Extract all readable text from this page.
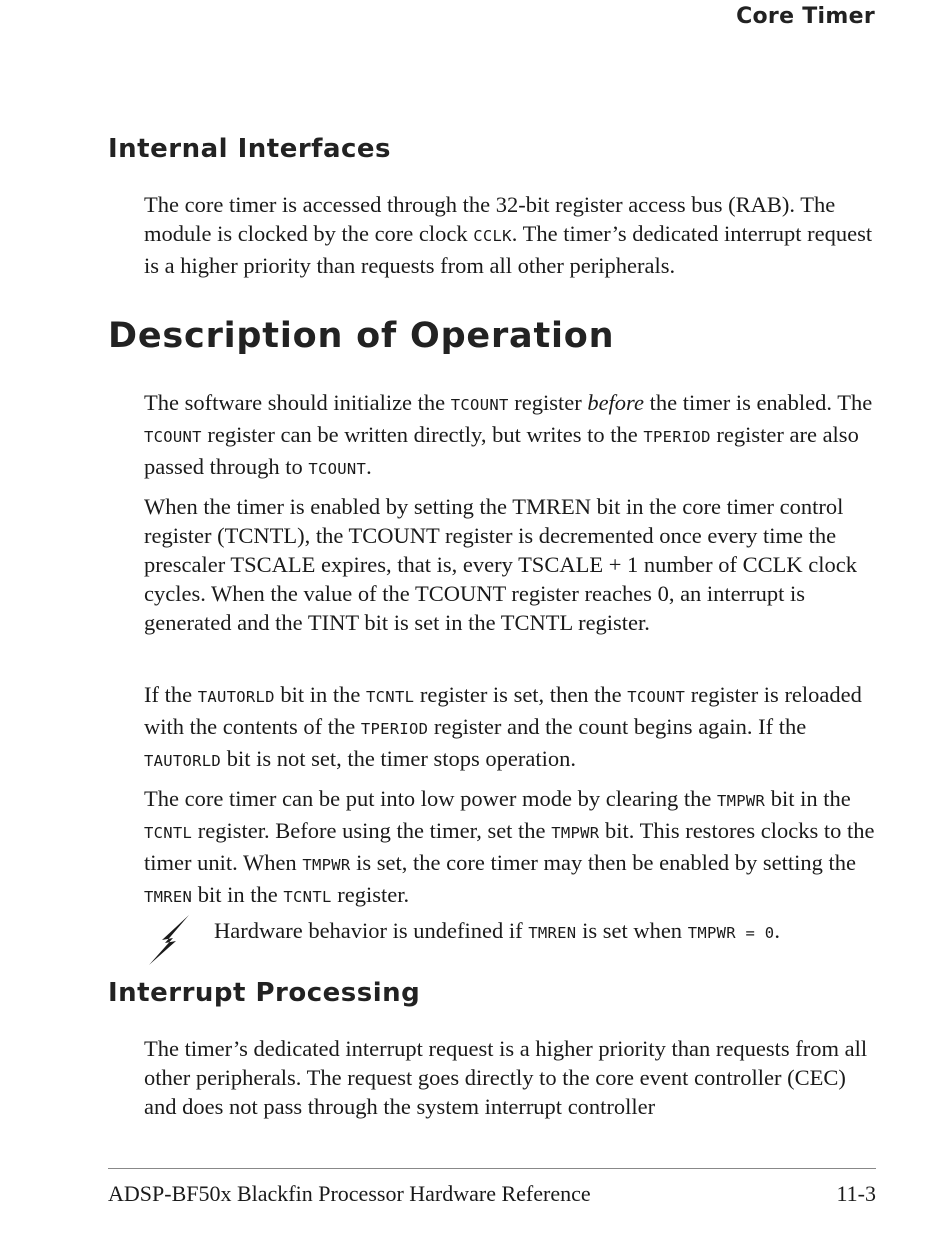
Core Timer
Internal Interfaces

The core timer is accessed through the 32-bit register access bus (RAB). The module is clocked by the core clock CCLK. The timer’s dedicated interrupt request is a higher priority than requests from all other peripherals.

Description of Operation

The software should initialize the TCOUNT register before the timer is enabled. The TCOUNT register can be written directly, but writes to the TPERIOD register are also passed through to TCOUNT.

When the timer is enabled by setting the TMREN bit in the core timer control register (TCNTL), the TCOUNT register is decremented once every time the prescaler TSCALE expires, that is, every TSCALE + 1 number of CCLK clock cycles. When the value of the TCOUNT register reaches 0, an interrupt is generated and the TINT bit is set in the TCNTL register.

If the TAUTORLD bit in the TCNTL register is set, then the TCOUNT register is reloaded with the contents of the TPERIOD register and the count begins again. If the TAUTORLD bit is not set, the timer stops operation.

The core timer can be put into low power mode by clearing the TMPWR bit in the TCNTL register. Before using the timer, set the TMPWR bit. This restores clocks to the timer unit. When TMPWR is set, the core timer may then be enabled by setting the TMREN bit in the TCNTL register.

Hardware behavior is undefined if TMREN is set when TMPWR = 0.
Interrupt Processing

The timer’s dedicated interrupt request is a higher priority than requests from all other peripherals. The request goes directly to the core event controller (CEC) and does not pass through the system interrupt controller

ADSP-BF50x Blackfin Processor Hardware Reference	11-3
